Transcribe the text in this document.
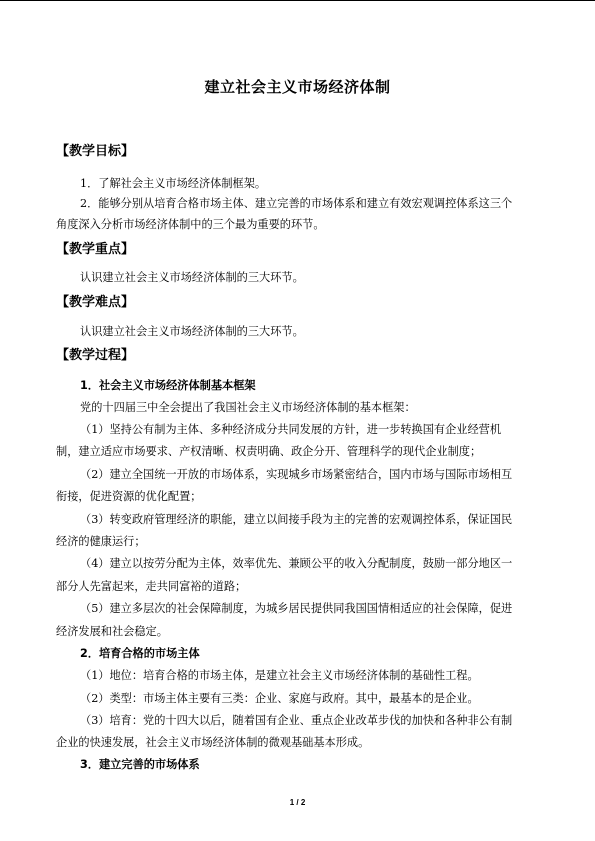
建立社会主义市场经济体制
【教学目标】
1．了解社会主义市场经济体制框架。
2．能够分别从培育合格市场主体、建立完善的市场体系和建立有效宏观调控体系这三个
角度深入分析市场经济体制中的三个最为重要的环节。
【教学重点】
认识建立社会主义市场经济体制的三大环节。
【教学难点】
认识建立社会主义市场经济体制的三大环节。
【教学过程】
1．社会主义市场经济体制基本框架
党的十四届三中全会提出了我国社会主义市场经济体制的基本框架：
（1）坚持公有制为主体、多种经济成分共同发展的方针，进一步转换国有企业经营机
制，建立适应市场要求、产权清晰、权责明确、政企分开、管理科学的现代企业制度；
（2）建立全国统一开放的市场体系，实现城乡市场紧密结合，国内市场与国际市场相互
衔接，促进资源的优化配置；
（3）转变政府管理经济的职能，建立以间接手段为主的完善的宏观调控体系，保证国民
经济的健康运行；
（4）建立以按劳分配为主体，效率优先、兼顾公平的收入分配制度，鼓励一部分地区一
部分人先富起来，走共同富裕的道路；
（5）建立多层次的社会保障制度，为城乡居民提供同我国国情相适应的社会保障，促进
经济发展和社会稳定。
2．培育合格的市场主体
（1）地位：培育合格的市场主体，是建立社会主义市场经济体制的基础性工程。
（2）类型：市场主体主要有三类：企业、家庭与政府。其中，最基本的是企业。
（3）培育：党的十四大以后，随着国有企业、重点企业改革步伐的加快和各种非公有制
企业的快速发展，社会主义市场经济体制的微观基础基本形成。
3．建立完善的市场体系
1 / 2
